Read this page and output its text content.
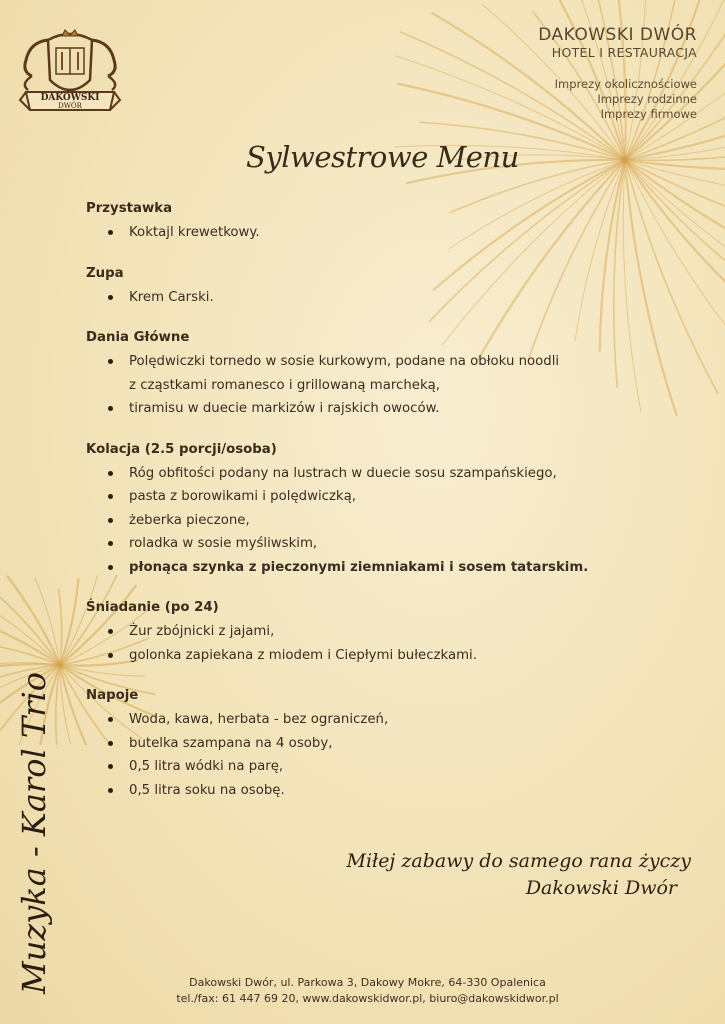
DAKOWSKI
DWÓR
DAKOWSKI DWÓR
HOTEL I RESTAURACJA
Imprezy okolicznościowe
Imprezy rodzinne
Imprezy firmowe
Sylwestrowe Menu
Przystawka
Koktajl krewetkowy.
Zupa
Krem Carski.
Dania Główne
Polędwiczki tornedo w sosie kurkowym, podane na obłoku noodli z cząstkami romanesco i grillowaną marcheką,
tiramisu w duecie markizów i rajskich owoców.
Kolacja (2.5 porcji/osoba)
Róg obfitości podany na lustrach w duecie sosu szampańskiego,
pasta z borowikami i polędwiczką,
żeberka pieczone,
roladka w sosie myśliwskim,
płonąca szynka z pieczonymi ziemniakami i sosem tatarskim.
Śniadanie (po 24)
Żur zbójnicki z jajami,
golonka zapiekana z miodem i Ciepłymi bułeczkami.
Napoje
Woda, kawa, herbata - bez ograniczeń,
butelka szampana na 4 osoby,
0,5 litra wódki na parę,
0,5 litra soku na osobę.
Muzyka - Karol Trio	Miłej zabawy do samego rana życzy
Dakowski Dwór
Dakowski Dwór, ul. Parkowa 3, Dakowy Mokre, 64-330 Opalenica
tel./fax: 61 447 69 20, www.dakowskidwor.pl, biuro@dakowskidwor.pl
